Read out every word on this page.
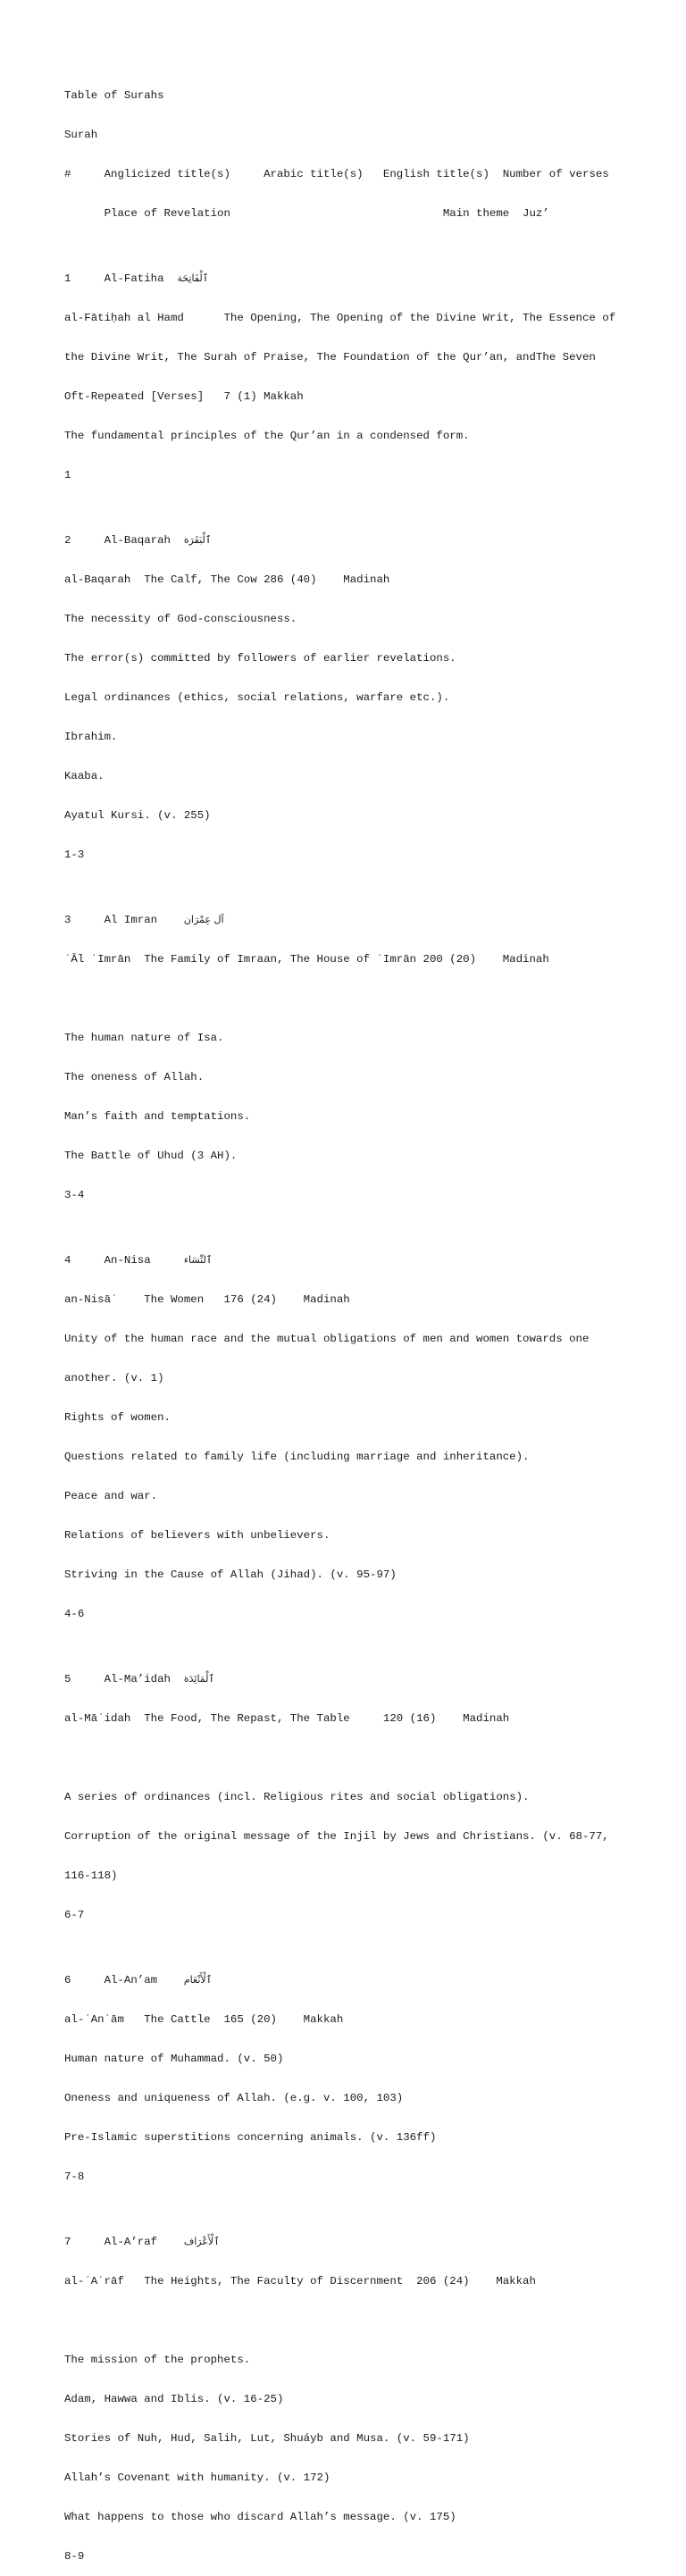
Table of Surahs

Surah

#     Anglicized title(s)     Arabic title(s)   English title(s)  Number of verses

Place of Revelation                                Main theme  Juz’

1     Al-Fatiha  ٱلْفَاتِحَة

al-Fātiḥah al Hamd      The Opening, The Opening of the Divine Writ, The Essence of

the Divine Writ, The Surah of Praise, The Foundation of the Qur’an, andThe Seven

Oft-Repeated [Verses]   7 (1) Makkah

The fundamental principles of the Qur’an in a condensed form.

1

2     Al-Baqarah  ٱلْبَقَرَة

al-Baqarah  The Calf, The Cow 286 (40)    Madinah

The necessity of God-consciousness.

The error(s) committed by followers of earlier revelations.

Legal ordinances (ethics, social relations, warfare etc.).

Ibrahim.

Kaaba.

Ayatul Kursi. (v. 255)

1-3

3     Al Imran    آل عِمْرَان

ʾĀl ʿImrān  The Family of Imraan, The House of ʿImrān 200 (20)    Madinah

The human nature of Isa.

The oneness of Allah.

Man’s faith and temptations.

The Battle of Uhud (3 AH).

3-4

4     An-Nisa     ٱلنِّسَاء

an-Nisāʾ    The Women   176 (24)    Madinah

Unity of the human race and the mutual obligations of men and women towards one

another. (v. 1)

Rights of women.

Questions related to family life (including marriage and inheritance).

Peace and war.

Relations of believers with unbelievers.

Striving in the Cause of Allah (Jihad). (v. 95-97)

4-6

5     Al-Ma’idah  ٱلْمَائِدَة

al-Māʾidah  The Food, The Repast, The Table     120 (16)    Madinah

A series of ordinances (incl. Religious rites and social obligations).

Corruption of the original message of the Injil by Jews and Christians. (v. 68-77,

116-118)

6-7

6     Al-An’am    ٱلْأَنْعَام

al-ʾAnʿām   The Cattle  165 (20)    Makkah

Human nature of Muhammad. (v. 50)

Oneness and uniqueness of Allah. (e.g. v. 100, 103)

Pre-Islamic superstitions concerning animals. (v. 136ff)

7-8

7     Al-A’raf    ٱلْأَعْرَاف

al-ʾAʿrāf   The Heights, The Faculty of Discernment  206 (24)    Makkah

The mission of the prophets.

Adam, Hawwa and Iblis. (v. 16-25)

Stories of Nuh, Hud, Salih, Lut, Shuáyb and Musa. (v. 59-171)

Allah’s Covenant with humanity. (v. 172)

What happens to those who discard Allah’s message. (v. 175)

8-9
